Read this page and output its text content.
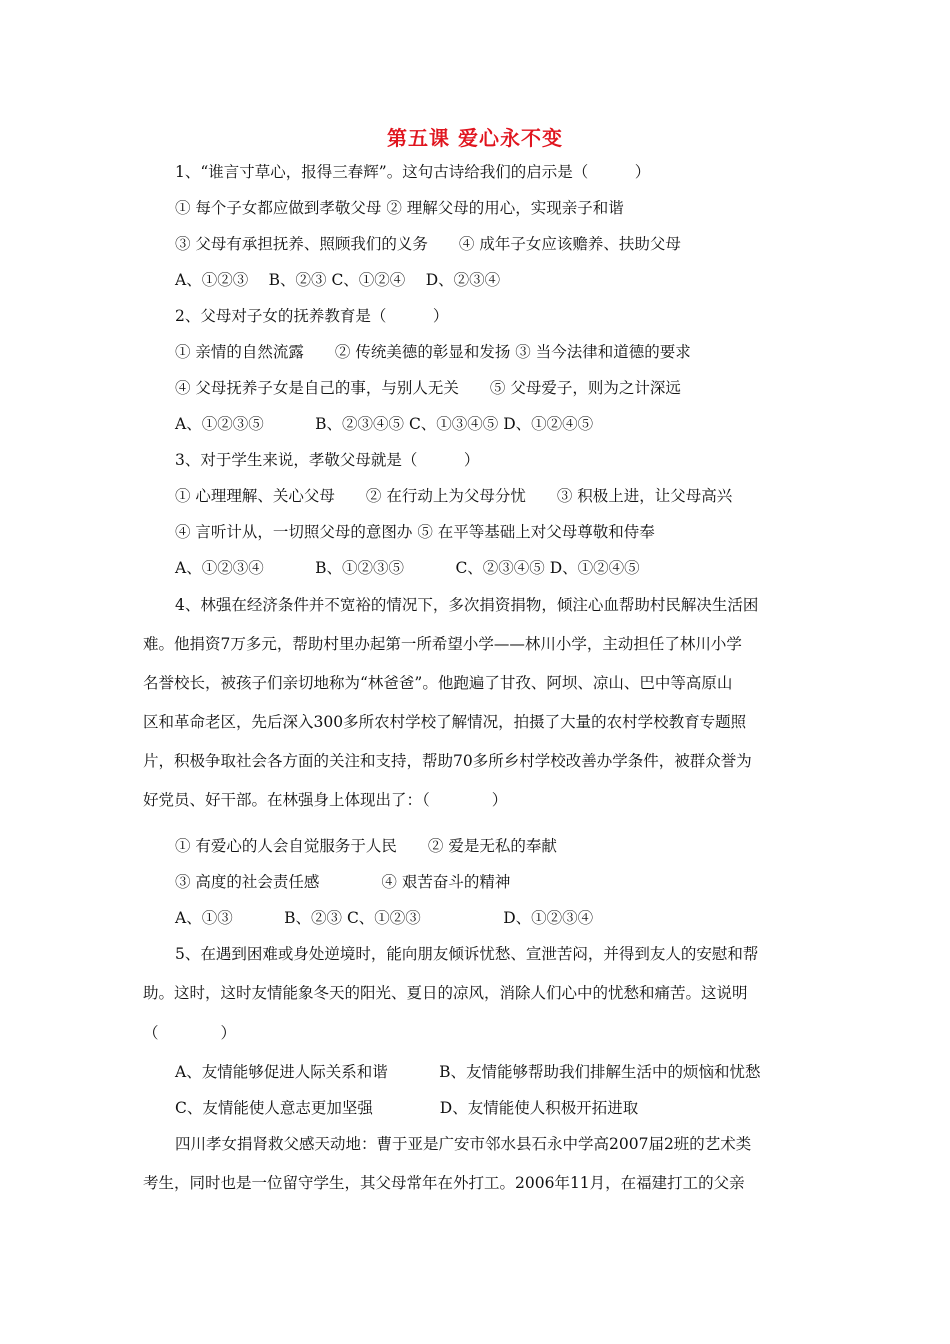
第五课 爱心永不变
1、“谁言寸草心，报得三春辉”。这句古诗给我们的启示是（　　　）
① 每个子女都应做到孝敬父母 ② 理解父母的用心，实现亲子和谐
③ 父母有承担抚养、照顾我们的义务　　④ 成年子女应该赡养、扶助父母
A、①②③　 B、②③ C、①②④　 D、②③④
2、父母对子女的抚养教育是（　　　）
① 亲情的自然流露　　② 传统美德的彰显和发扬 ③ 当今法律和道德的要求
④ 父母抚养子女是自己的事，与别人无关　　⑤ 父母爱子，则为之计深远
A、①②③⑤　　　 B、②③④⑤ C、①③④⑤ D、①②④⑤
3、对于学生来说，孝敬父母就是（　　　）
① 心理理解、关心父母　　② 在行动上为父母分忧　　③ 积极上进，让父母高兴
④ 言听计从，一切照父母的意图办 ⑤ 在平等基础上对父母尊敬和侍奉
A、①②③④　　　 B、①②③⑤　　　 C、②③④⑤ D、①②④⑤
4、林强在经济条件并不宽裕的情况下，多次捐资捐物，倾注心血帮助村民解决生活困
难。他捐资7万多元，帮助村里办起第一所希望小学——林川小学，主动担任了林川小学
名誉校长，被孩子们亲切地称为“林爸爸”。他跑遍了甘孜、阿坝、凉山、巴中等高原山
区和革命老区，先后深入300多所农村学校了解情况，拍摄了大量的农村学校教育专题照
片，积极争取社会各方面的关注和支持，帮助70多所乡村学校改善办学条件，被群众誉为
好党员、好干部。在林强身上体现出了：（　　　　）
① 有爱心的人会自觉服务于人民　　② 爱是无私的奉献
③ 高度的社会责任感　　　　④ 艰苦奋斗的精神
A、①③　　　 B、②③ C、①②③　　　　　 D、①②③④
5、在遇到困难或身处逆境时，能向朋友倾诉忧愁、宣泄苦闷，并得到友人的安慰和帮
助。这时，这时友情能象冬天的阳光、夏日的凉风，消除人们心中的忧愁和痛苦。这说明
（　　　　）
A、友情能够促进人际关系和谐　　　 B、友情能够帮助我们排解生活中的烦恼和忧愁
C、友情能使人意志更加坚强　　　　 D、友情能使人积极开拓进取
四川孝女捐肾救父感天动地：曹于亚是广安市邻水县石永中学高2007届2班的艺术类
考生，同时也是一位留守学生，其父母常年在外打工。2006年11月，在福建打工的父亲
